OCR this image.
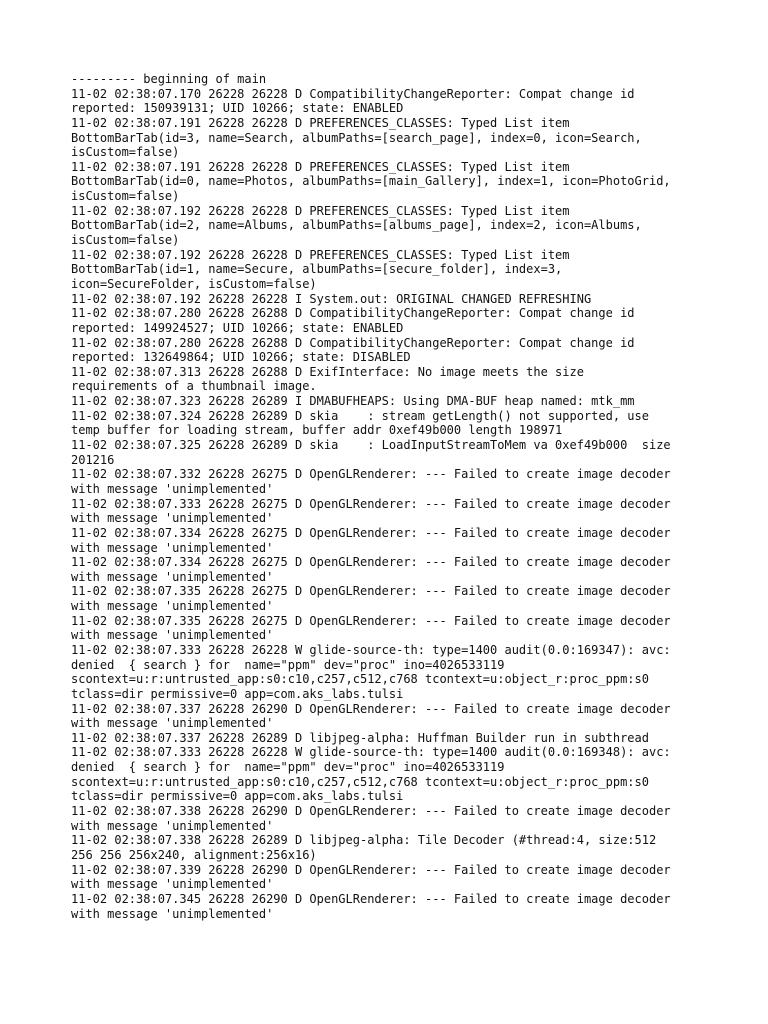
--------- beginning of main
11-02 02:38:07.170 26228 26228 D CompatibilityChangeReporter: Compat change id
reported: 150939131; UID 10266; state: ENABLED
11-02 02:38:07.191 26228 26228 D PREFERENCES_CLASSES: Typed List item
BottomBarTab(id=3, name=Search, albumPaths=[search_page], index=0, icon=Search,
isCustom=false)
11-02 02:38:07.191 26228 26228 D PREFERENCES_CLASSES: Typed List item
BottomBarTab(id=0, name=Photos, albumPaths=[main_Gallery], index=1, icon=PhotoGrid,
isCustom=false)
11-02 02:38:07.192 26228 26228 D PREFERENCES_CLASSES: Typed List item
BottomBarTab(id=2, name=Albums, albumPaths=[albums_page], index=2, icon=Albums,
isCustom=false)
11-02 02:38:07.192 26228 26228 D PREFERENCES_CLASSES: Typed List item
BottomBarTab(id=1, name=Secure, albumPaths=[secure_folder], index=3,
icon=SecureFolder, isCustom=false)
11-02 02:38:07.192 26228 26228 I System.out: ORIGINAL CHANGED REFRESHING
11-02 02:38:07.280 26228 26288 D CompatibilityChangeReporter: Compat change id
reported: 149924527; UID 10266; state: ENABLED
11-02 02:38:07.280 26228 26288 D CompatibilityChangeReporter: Compat change id
reported: 132649864; UID 10266; state: DISABLED
11-02 02:38:07.313 26228 26288 D ExifInterface: No image meets the size
requirements of a thumbnail image.
11-02 02:38:07.323 26228 26289 I DMABUFHEAPS: Using DMA-BUF heap named: mtk_mm
11-02 02:38:07.324 26228 26289 D skia    : stream getLength() not supported, use
temp buffer for loading stream, buffer addr 0xef49b000 length 198971
11-02 02:38:07.325 26228 26289 D skia    : LoadInputStreamToMem va 0xef49b000  size
201216
11-02 02:38:07.332 26228 26275 D OpenGLRenderer: --- Failed to create image decoder
with message 'unimplemented'
11-02 02:38:07.333 26228 26275 D OpenGLRenderer: --- Failed to create image decoder
with message 'unimplemented'
11-02 02:38:07.334 26228 26275 D OpenGLRenderer: --- Failed to create image decoder
with message 'unimplemented'
11-02 02:38:07.334 26228 26275 D OpenGLRenderer: --- Failed to create image decoder
with message 'unimplemented'
11-02 02:38:07.335 26228 26275 D OpenGLRenderer: --- Failed to create image decoder
with message 'unimplemented'
11-02 02:38:07.335 26228 26275 D OpenGLRenderer: --- Failed to create image decoder
with message 'unimplemented'
11-02 02:38:07.333 26228 26228 W glide-source-th: type=1400 audit(0.0:169347): avc:
denied  { search } for  name="ppm" dev="proc" ino=4026533119
scontext=u:r:untrusted_app:s0:c10,c257,c512,c768 tcontext=u:object_r:proc_ppm:s0
tclass=dir permissive=0 app=com.aks_labs.tulsi
11-02 02:38:07.337 26228 26290 D OpenGLRenderer: --- Failed to create image decoder
with message 'unimplemented'
11-02 02:38:07.337 26228 26289 D libjpeg-alpha: Huffman Builder run in subthread
11-02 02:38:07.333 26228 26228 W glide-source-th: type=1400 audit(0.0:169348): avc:
denied  { search } for  name="ppm" dev="proc" ino=4026533119
scontext=u:r:untrusted_app:s0:c10,c257,c512,c768 tcontext=u:object_r:proc_ppm:s0
tclass=dir permissive=0 app=com.aks_labs.tulsi
11-02 02:38:07.338 26228 26290 D OpenGLRenderer: --- Failed to create image decoder
with message 'unimplemented'
11-02 02:38:07.338 26228 26289 D libjpeg-alpha: Tile Decoder (#thread:4, size:512
256 256 256x240, alignment:256x16)
11-02 02:38:07.339 26228 26290 D OpenGLRenderer: --- Failed to create image decoder
with message 'unimplemented'
11-02 02:38:07.345 26228 26290 D OpenGLRenderer: --- Failed to create image decoder
with message 'unimplemented'
